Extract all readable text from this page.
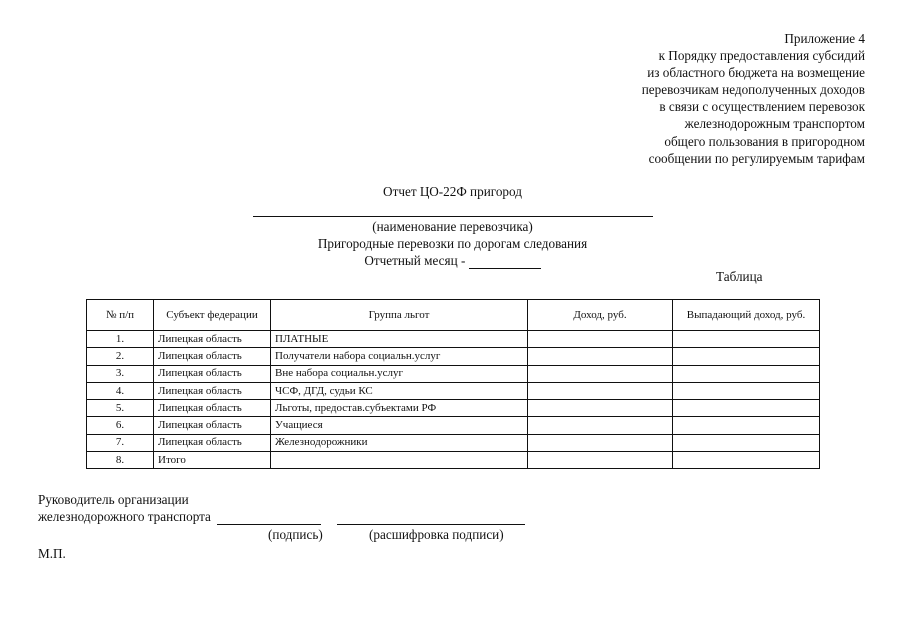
Приложение 4
к Порядку предоставления субсидий
из областного бюджета на возмещение
перевозчикам недополученных доходов
в связи с осуществлением перевозок
железнодорожным транспортом
общего пользования в пригородном
сообщении по регулируемым тарифам
Отчет ЦО-22Ф пригород
(наименование перевозчика)
Пригородные перевозки по дорогам следования
Отчетный месяц -
Таблица
№ п/п	Субъект федерации	Группа льгот	Доход, руб.	Выпадающий доход, руб.
1.	Липецкая область	ПЛАТНЫЕ		
2.	Липецкая область	Получатели набора социальн.услуг		
3.	Липецкая область	Вне набора социальн.услуг		
4.	Липецкая область	ЧСФ, ДГД, судьи КС		
5.	Липецкая область	Льготы, предостав.субъектами РФ		
6.	Липецкая область	Учащиеся		
7.	Липецкая область	Железнодорожники		
8.	Итого			
Руководитель организации
железнодорожного транспорта
(подпись)	(расшифровка подписи)
М.П.
